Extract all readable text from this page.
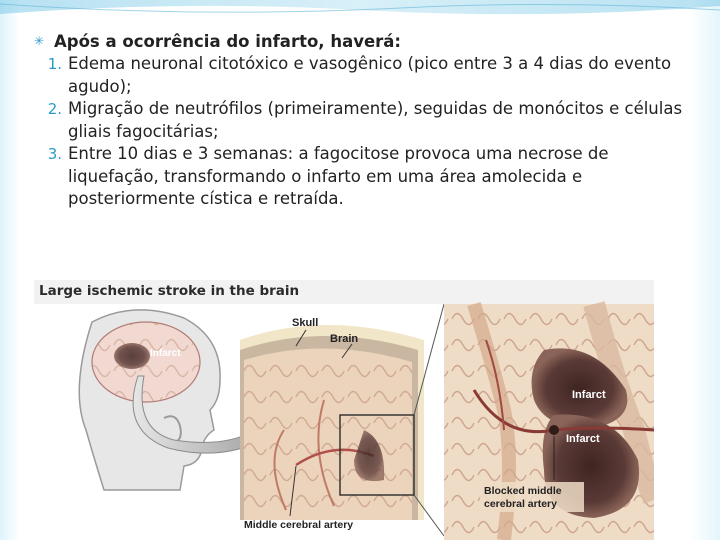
✳ Após a ocorrência do infarto, haverá:
1. Edema neuronal citotóxico e vasogênico (pico entre 3 a 4 dias do evento agudo);
2. Migração de neutrófilos (primeiramente), seguidas de monócitos e células gliais fagocitárias;
3. Entre 10 dias e 3 semanas: a fagocitose provoca uma necrose de liquefação, transformando o infarto em uma área amolecida e posteriormente cística e retraída.
Infarct
Skull
Brain
Middle cerebral artery
Infarct
Infarct
Blocked middle
cerebral artery
Large ischemic stroke in the brain
